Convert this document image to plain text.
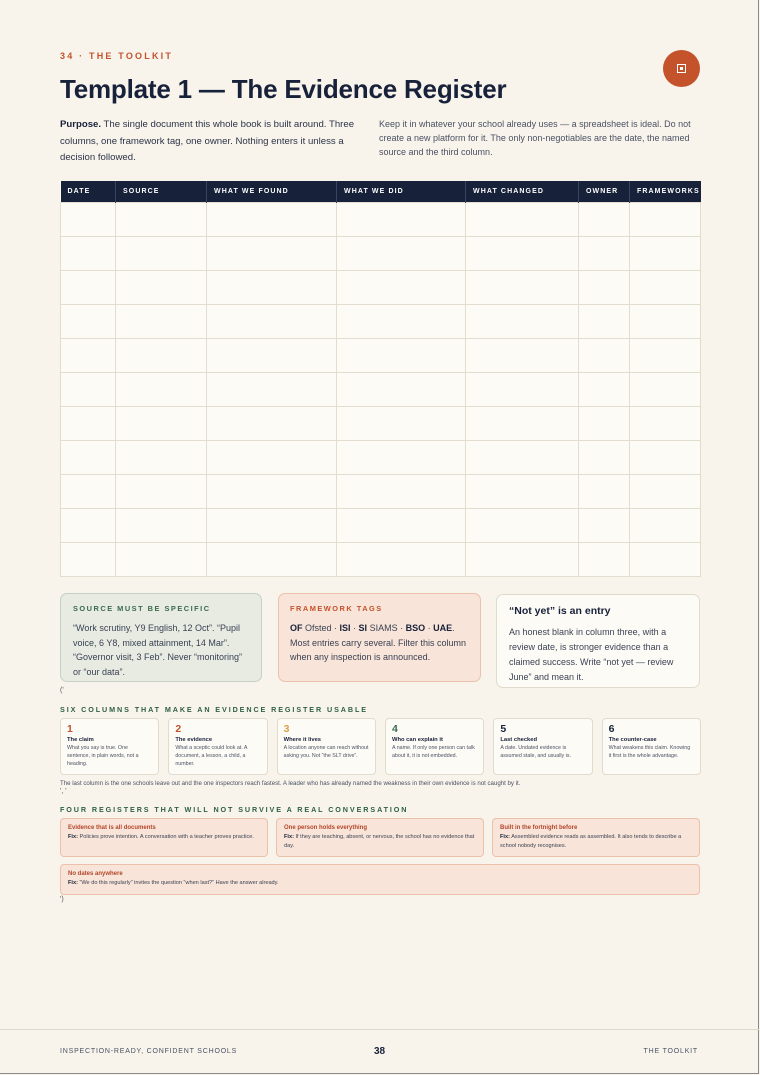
34 · THE TOOLKIT
Template 1 — The Evidence Register
Purpose. The single document this whole book is built around. Three columns, one framework tag, one owner. Nothing enters it unless a decision followed.
Keep it in whatever your school already uses — a spreadsheet is ideal. Do not create a new platform for it. The only non-negotiables are the date, the named source and the third column.
DATE	SOURCE	WHAT WE FOUND	WHAT WE DID	WHAT CHANGED	OWNER	FRAMEWORKS

SOURCE MUST BE SPECIFIC
“Work scrutiny, Y9 English, 12 Oct”. “Pupil voice, 6 Y8, mixed attainment, 14 Mar”. “Governor visit, 3 Feb”. Never “monitoring” or “our data”.
FRAMEWORK TAGS
OF Ofsted · ISI · SI SIAMS · BSO · UAE. Most entries carry several. Filter this column when any inspection is announced.
“Not yet” is an entry
An honest blank in column three, with a review date, is stronger evidence than a claimed success. Write “not yet — review June” and mean it.
('
SIX COLUMNS THAT MAKE AN EVIDENCE REGISTER USABLE
1
The claim
What you say is true. One sentence, in plain words, not a heading.
2
The evidence
What a sceptic could look at. A document, a lesson, a child, a number.
3
Where it lives
A location anyone can reach without asking you. Not “the SLT drive”.
4
Who can explain it
A name. If only one person can talk about it, it is not embedded.
5
Last checked
A date. Undated evidence is assumed stale, and usually is.
6
The counter-case
What weakens this claim. Knowing it first is the whole advantage.
The last column is the one schools leave out and the one inspectors reach fastest. A leader who has already named the weakness in their own evidence is not caught by it.
', '
FOUR REGISTERS THAT WILL NOT SURVIVE A REAL CONVERSATION
Evidence that is all documents
Fix: Policies prove intention. A conversation with a teacher proves practice.
One person holds everything
Fix: If they are teaching, absent, or nervous, the school has no evidence that day.
Built in the fortnight before
Fix: Assembled evidence reads as assembled. It also tends to describe a school nobody recognises.
No dates anywhere
Fix: “We do this regularly” invites the question “when last?” Have the answer already.
')
INSPECTION-READY, CONFIDENT SCHOOLS	38	THE TOOLKIT
